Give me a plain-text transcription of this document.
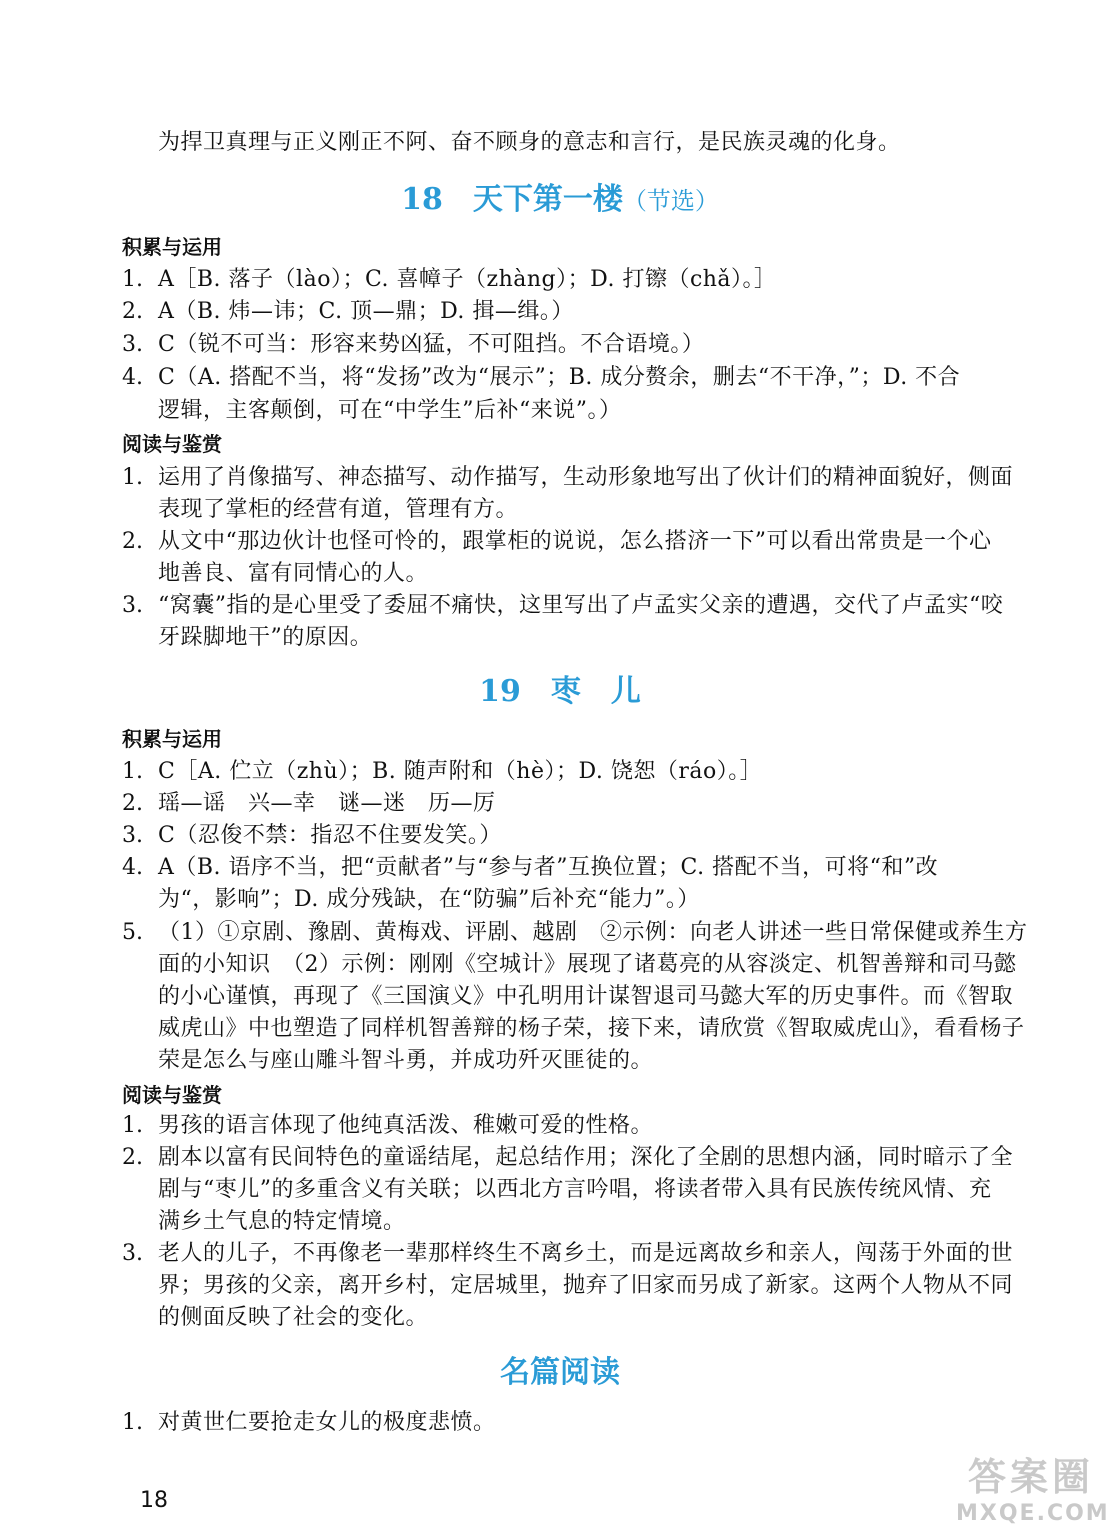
为捍卫真理与正义刚正不阿、奋不顾身的意志和言行，是民族灵魂的化身。
18　天下第一楼（节选）
积累与运用
1. A［B. 落子（lào）；C. 喜幛子（zhàng）；D. 打镲（chǎ）。］
2. A（B. 炜—讳；C. 顶—鼎；D. 揖—缉。）
3. C（锐不可当：形容来势凶猛，不可阻挡。不合语境。）
4. C（A. 搭配不当，将“发扬”改为“展示”；B. 成分赘余，删去“不干净，”；D. 不合
逻辑，主客颠倒，可在“中学生”后补“来说”。）
阅读与鉴赏
1. 运用了肖像描写、神态描写、动作描写，生动形象地写出了伙计们的精神面貌好，侧面
表现了掌柜的经营有道，管理有方。
2. 从文中“那边伙计也怪可怜的，跟掌柜的说说，怎么搭济一下”可以看出常贵是一个心
地善良、富有同情心的人。
3. “窝囊”指的是心里受了委屈不痛快，这里写出了卢孟实父亲的遭遇，交代了卢孟实“咬
牙跺脚地干”的原因。
19　枣　儿
积累与运用
1. C［A. 伫立（zhù）；B. 随声附和（hè）；D. 饶恕（ráo）。］
2. 瑶—谣　兴—幸　谜—迷　历—厉
3. C（忍俊不禁：指忍不住要发笑。）
4. A（B. 语序不当，把“贡献者”与“参与者”互换位置；C. 搭配不当，可将“和”改
为“，影响”；D. 成分残缺，在“防骗”后补充“能力”。）
5. （1）①京剧、豫剧、黄梅戏、评剧、越剧　②示例：向老人讲述一些日常保健或养生方
面的小知识　（2）示例：刚刚《空城计》展现了诸葛亮的从容淡定、机智善辩和司马懿
的小心谨慎，再现了《三国演义》中孔明用计谋智退司马懿大军的历史事件。而《智取
威虎山》中也塑造了同样机智善辩的杨子荣，接下来，请欣赏《智取威虎山》，看看杨子
荣是怎么与座山雕斗智斗勇，并成功歼灭匪徒的。
阅读与鉴赏
1. 男孩的语言体现了他纯真活泼、稚嫩可爱的性格。
2. 剧本以富有民间特色的童谣结尾，起总结作用；深化了全剧的思想内涵，同时暗示了全
剧与“枣儿”的多重含义有关联；以西北方言吟唱，将读者带入具有民族传统风情、充
满乡土气息的特定情境。
3. 老人的儿子，不再像老一辈那样终生不离乡土，而是远离故乡和亲人，闯荡于外面的世
界；男孩的父亲，离开乡村，定居城里，抛弃了旧家而另成了新家。这两个人物从不同
的侧面反映了社会的变化。
名篇阅读
1. 对黄世仁要抢走女儿的极度悲愤。
18
答案圈
MXQE.COM
